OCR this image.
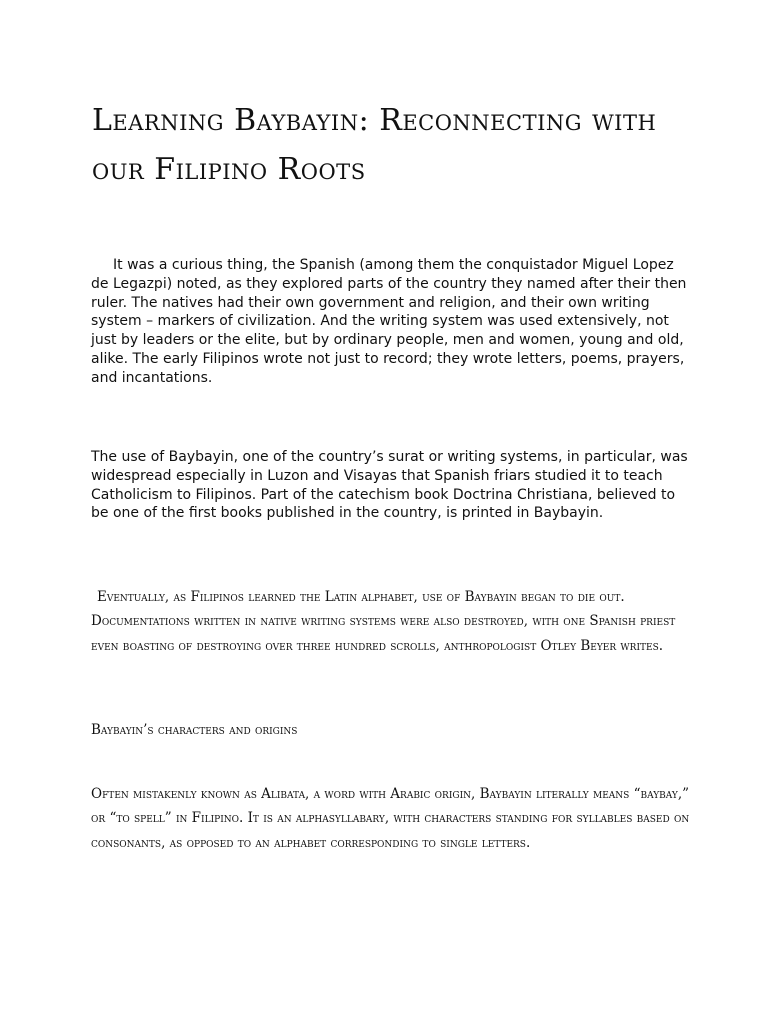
Learning Baybayin: Reconnecting with our Filipino Roots

It was a curious thing, the Spanish (among them the conquistador Miguel Lopez de Legazpi) noted, as they explored parts of the country they named after their then ruler. The natives had their own government and religion, and their own writing system – markers of civilization. And the writing system was used extensively, not just by leaders or the elite, but by ordinary people, men and women, young and old, alike. The early Filipinos wrote not just to record; they wrote letters, poems, prayers, and incantations.

The use of Baybayin, one of the country’s surat or writing systems, in particular, was widespread especially in Luzon and Visayas that Spanish friars studied it to teach Catholicism to Filipinos. Part of the catechism book Doctrina Christiana, believed to be one of the first books published in the country, is printed in Baybayin.

Eventually, as Filipinos learned the Latin alphabet, use of Baybayin began to die out. Documentations written in native writing systems were also destroyed, with one Spanish priest even boasting of destroying over three hundred scrolls, anthropologist Otley Beyer writes.

Baybayin’s characters and origins

Often mistakenly known as Alibata, a word with Arabic origin, Baybayin literally means “baybay,” or “to spell” in Filipino. It is an alphasyllabary, with characters standing for syllables based on consonants, as opposed to an alphabet corresponding to single letters.
